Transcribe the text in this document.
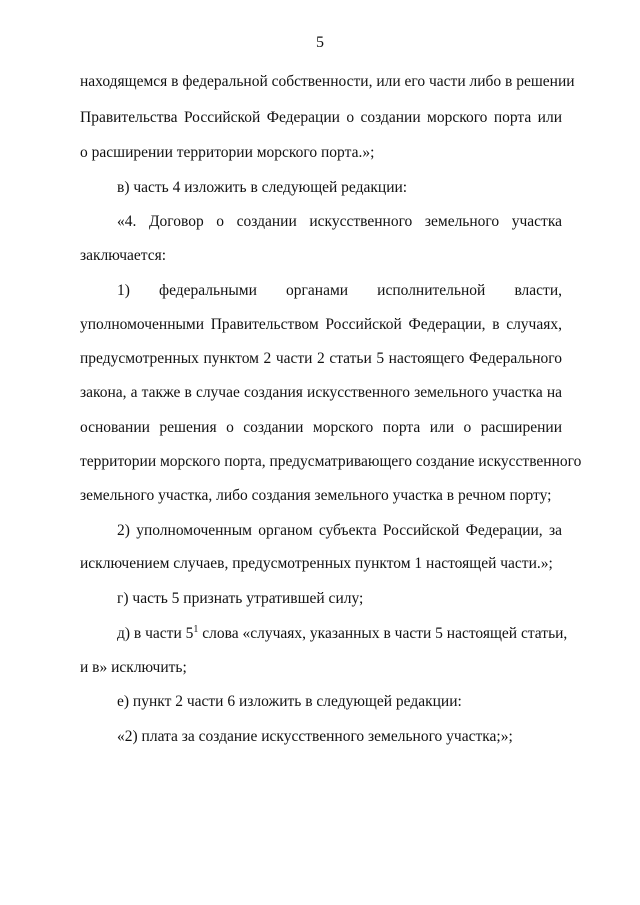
5
находящемся в федеральной собственности, или его части либо в решении
Правительства Российской Федерации о создании морского порта или
о расширении территории морского порта.»;
в) часть 4 изложить в следующей редакции:
«4. Договор о создании искусственного земельного участка
заключается:
1) федеральными органами исполнительной власти,
уполномоченными Правительством Российской Федерации, в случаях,
предусмотренных пунктом 2 части 2 статьи 5 настоящего Федерального
закона, а также в случае создания искусственного земельного участка на
основании решения о создании морского порта или о расширении
территории морского порта, предусматривающего создание искусственного
земельного участка, либо создания земельного участка в речном порту;
2) уполномоченным органом субъекта Российской Федерации, за
исключением случаев, предусмотренных пунктом 1 настоящей части.»;
г) часть 5 признать утратившей силу;
д) в части $5^1$ слова «случаях, указанных в части 5 настоящей статьи,
и в» исключить;
е) пункт 2 части 6 изложить в следующей редакции:
«2) плата за создание искусственного земельного участка;»;
